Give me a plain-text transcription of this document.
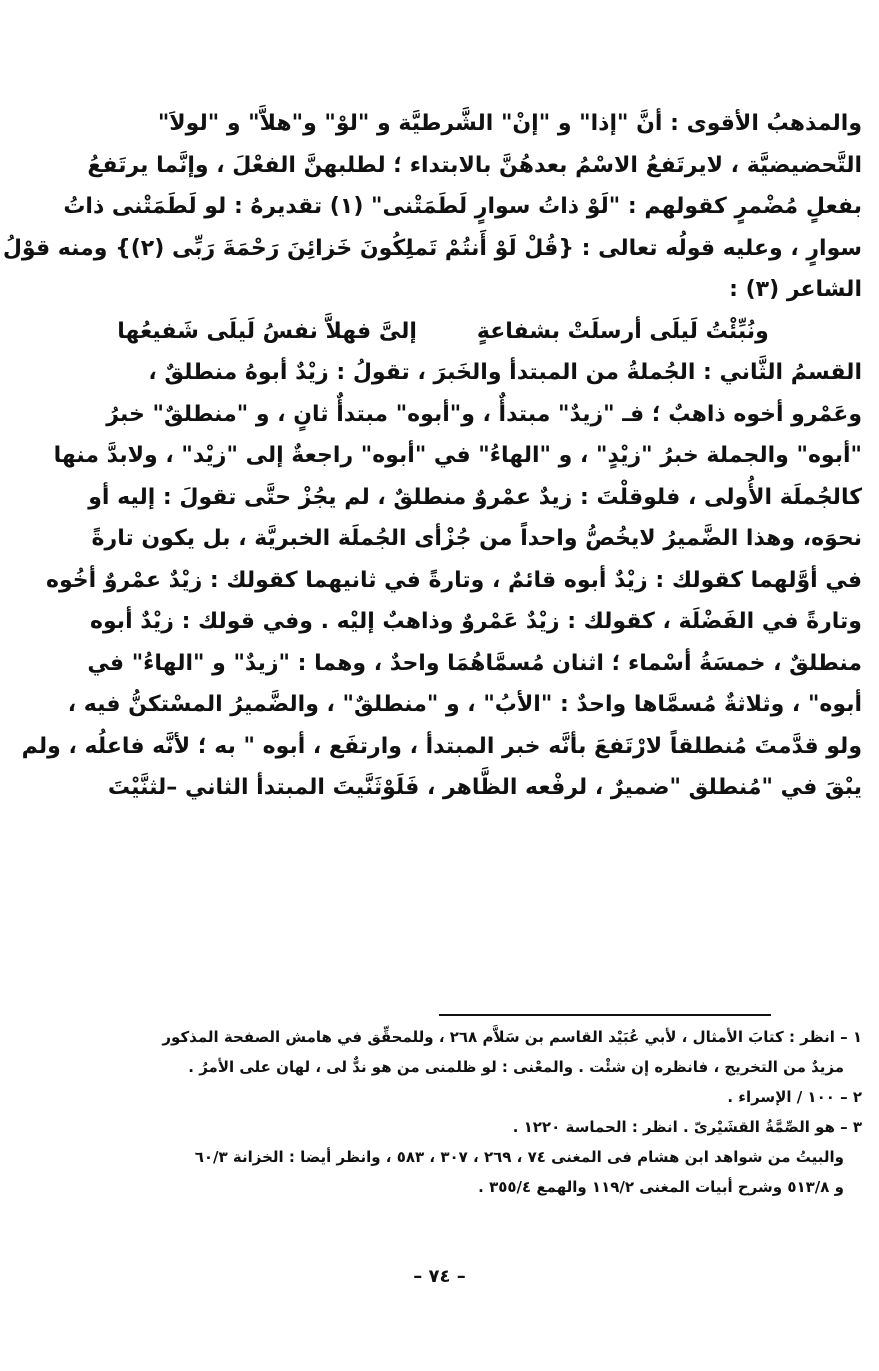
والمذهبُ الأقوى : أنَّ "إذا" و "إنْ" الشَّرطيَّة و "لوْ" و"هلاَّ" و "لولاَ"
التَّحضيضيَّة ، لايرتَفعُ الاسْمُ بعدهُنَّ بالابتداء ؛ لطلبهنَّ الفعْلَ ، وإنَّما يرتَفعُ
بفعلٍ مُضْمرٍ كقولهم : "لَوْ ذاتُ سوارٍ لَطَمَتْنى" (١) تقديرهُ : لو لَطَمَتْنى ذاتُ
سوارٍ ، وعليه قولُه تعالى : {قُلْ لَوْ أَنتُمْ تَملِكُونَ خَزائِنَ رَحْمَةَ رَبِّى (٢)} ومنه قوْلُ
الشاعر (٣) :
ونُبِّئْتُ لَيلَى أرسلَتْ بشفاعةٍ
إلىَّ فهلاَّ نفسُ لَيلَى شَفيعُها
القسمُ الثَّاني : الجُملةُ من المبتدأ والخَبرَ ، تقولُ : زيْدٌ أبوهُ منطلقٌ ،
وعَمْرو أخوه ذاهبٌ ؛ فـ "زيدٌ" مبتدأٌ ، و"أبوه" مبتدأٌ ثانٍ ، و "منطلقٌ" خبرُ
"أبوه" والجملة خبرُ "زيْدٍ" ، و "الهاءُ" في "أبوه" راجعةٌ إلى "زيْد" ، ولابدَّ منها
كالجُملَة الأُولى ، فلوقلْتَ : زيدٌ عمْروٌ منطلقٌ ، لم يجُزْ حتَّى تقولَ : إليه أو
نحوَه، وهذا الضَّميرُ لايخُصُّ واحداً من جُزْأى الجُملَة الخبريَّة ، بل يكون تارةً
في أوَّلهما كقولك : زيْدٌ أبوه قائمٌ ، وتارةً في ثانيهما كقولك : زيْدٌ عمْروٌ أخُوه
وتارةً في الفَضْلَة ، كقولك : زيْدٌ عَمْروٌ وذاهبٌ إليْه . وفي قولك : زيْدٌ أبوه
منطلقٌ ، خمسَةُ أسْماء ؛ اثنان مُسمَّاهُمَا واحدٌ ، وهما : "زيدٌ" و "الهاءُ" في
أبوه" ، وثلاثةٌ مُسمَّاها واحدٌ : "الأبُ" ، و "منطلقٌ" ، والضَّميرُ المسْتكنُّ فيه ،
ولو قدَّمتَ مُنطلقاً لارْتَفعَ بأنَّه خبر المبتدأ ، وارتفَع ، أبوه " به ؛ لأنَّه فاعلُه ، ولم
يبْقَ في "مُنطلق "ضميرٌ ، لرفْعه الظَّاهر ، فَلَوْثَنَّيتَ المبتدأ الثاني –لثنَّيْتَ
١ – انظر : كتابَ الأمثال ، لأبي عُبَيْد القاسم بن سَلاَّم ٢٦٨ ، وللمحقِّق في هامش الصفحة المذكور
مزيدٌ من التخريج ، فانظره إن شئْت . والمعْنى : لو ظلمنى من هو ندٌّ لى ، لهان على الأمرُ .
٢ – ١٠٠ / الإسراء .
٣ – هو الصِّمَّةُ القشَيْرىّ . انظر : الحماسة ١٢٢٠ .
والبيتُ من شواهد ابن هشام فى المغنى ٧٤ ، ٢٦٩ ، ٣٠٧ ، ٥٨٣ ، وانظر أيضا : الخزانة ٦٠/٣
و ٥١٣/٨ وشرح أبيات المغنى ١١٩/٢ والهمع ٣٥٥/٤ .
– ٧٤ –
